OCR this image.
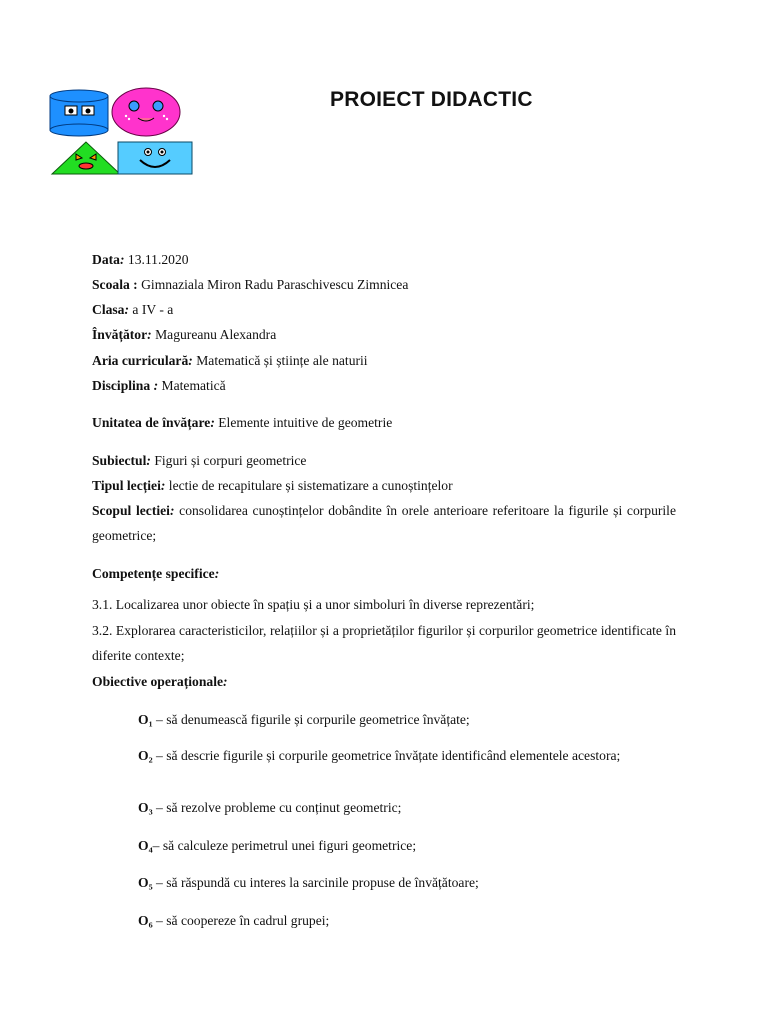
PROIECT DIDACTIC
Data: 13.11.2020
Scoala : Gimnaziala Miron Radu Paraschivescu Zimnicea
Clasa: a IV - a
Învățător: Magureanu Alexandra
Aria curriculară: Matematică și științe ale naturii
Disciplina : Matematică
Unitatea de învățare: Elemente intuitive de geometrie
Subiectul: Figuri și corpuri geometrice
Tipul lecției: lectie de recapitulare și sistematizare a cunoștințelor
Scopul lectiei: consolidarea cunoștințelor dobândite în orele anterioare referitoare la figurile și corpurile geometrice;
Competențe specifice:
3.1. Localizarea unor obiecte în spațiu și a unor simboluri în diverse reprezentări;
3.2. Explorarea caracteristicilor, relațiilor și a proprietăților figurilor și corpurilor geometrice identificate în diferite contexte;
Obiective operaționale:
O₁ – să denumească figurile și corpurile geometrice învățate;
O₂ – să descrie figurile și corpurile geometrice învățate identificând elementele acestora;
O₃ – să rezolve probleme cu conținut geometric;
O₄– să calculeze perimetrul unei figuri geometrice;
O₅ – să răspundă cu interes la sarcinile propuse de învățătoare;
O₆ – să coopereze în cadrul grupei;
